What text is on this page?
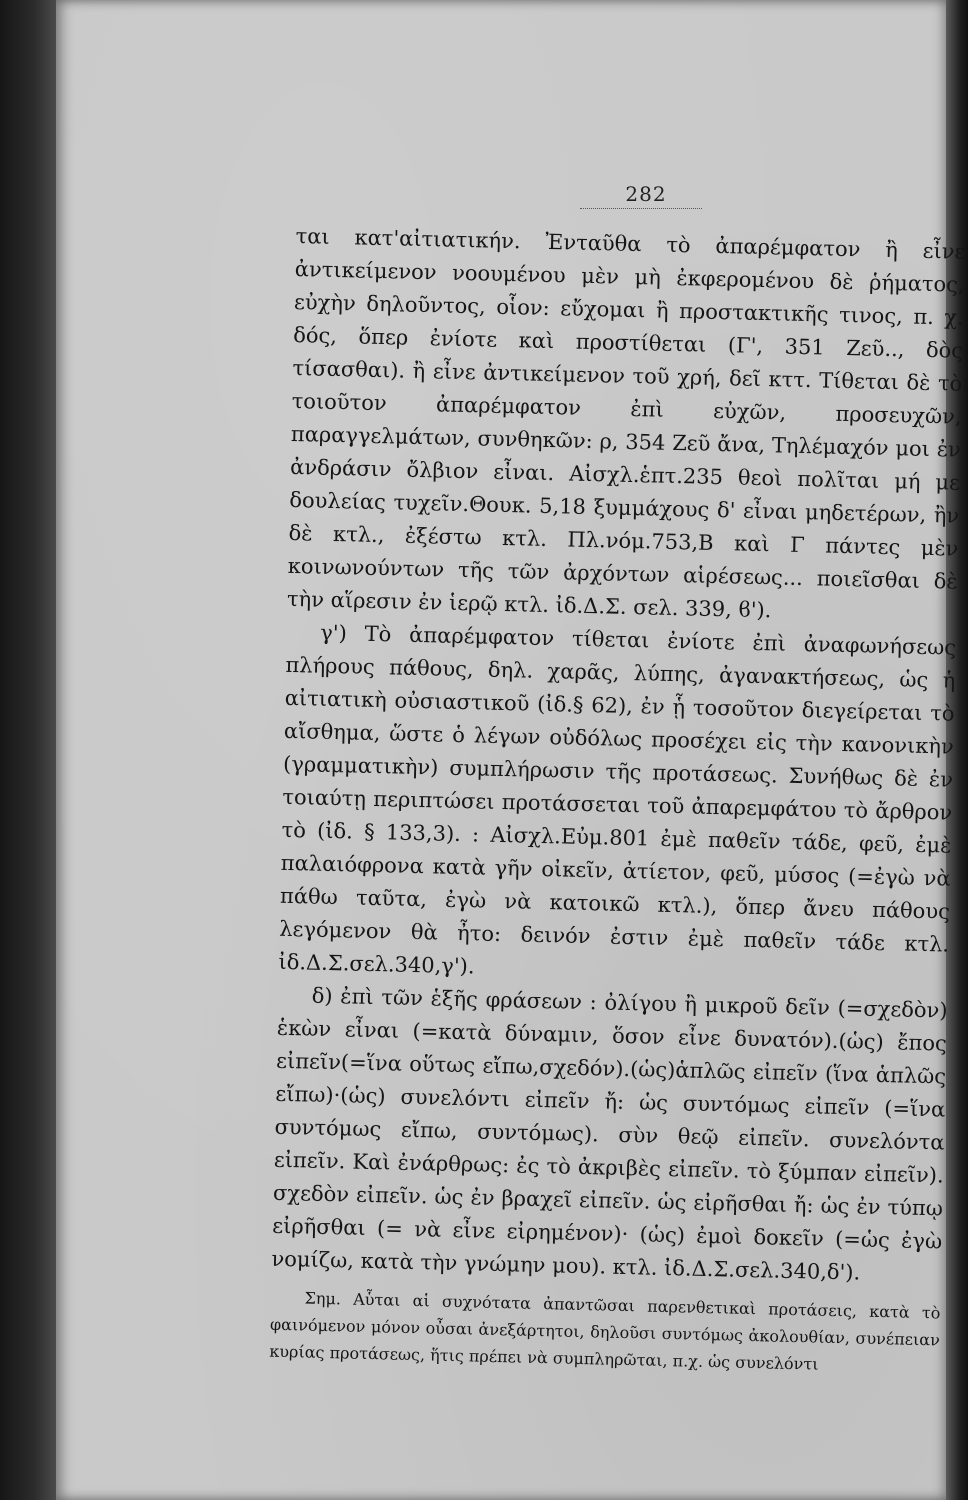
282

ται κατ'αἰτιατικήν. Ἐνταῦθα τὸ ἀπαρέμφατον ἢ εἶνε ἀντικείμενον νοουμένου μὲν μὴ ἐκφερομένου δὲ ῥήματος, εὐχὴν δηλοῦντος, οἷον: εὔχομαι ἢ προστακτικῆς τινος, π. χ. δός, ὅπερ ἐνίοτε καὶ προστίθεται (Γ', 351 Ζεῦ.., δὸς τίσασθαι). ἢ εἶνε ἀντικείμενον τοῦ χρή, δεῖ κττ. Τίθεται δὲ τὸ τοιοῦτον ἀπαρέμφατον ἐπὶ εὐχῶν, προσευχῶν, παραγγελμάτων, συνθηκῶν: ρ, 354 Ζεῦ ἄνα, Τηλέμαχόν μοι ἐν ἀνδράσιν ὄλβιον εἶναι. Αἰσχλ.ἑπτ.235 θεοὶ πολῖται μή με δουλείας τυχεῖν.Θουκ. 5,18 ξυμμάχους δ' εἶναι μηδετέρων, ἢν δὲ κτλ., ἐξέστω κτλ. Πλ.νόμ.753,Β καὶ Γ πάντες μὲν κοινωνούντων τῆς τῶν ἀρχόντων αἱρέσεως... ποιεῖσθαι δὲ τὴν αἵρεσιν ἐν ἱερῷ κτλ. ἰδ.Δ.Σ. σελ. 339, ϐ').

γ') Τὸ ἀπαρέμφατον τίθεται ἐνίοτε ἐπὶ ἀναφωνήσεως πλήρους πάθους, δηλ. χαρᾶς, λύπης, ἀγανακτήσεως, ὡς ἡ αἰτιατικὴ οὐσιαστικοῦ (ἰδ.§ 62), ἐν ᾗ τοσοῦτον διεγείρεται τὸ αἴσθημα, ὥστε ὁ λέγων οὐδόλως προσέχει εἰς τὴν κανονικὴν (γραμματικὴν) συμπλήρωσιν τῆς προτάσεως. Συνήθως δὲ ἐν τοιαύτῃ περιπτώσει προτάσσεται τοῦ ἀπαρεμφάτου τὸ ἄρθρον τὸ (ἰδ. § 133,3). : Αἰσχλ.Εὐμ.801 ἐμὲ παθεῖν τάδε, φεῦ, ἐμὲ παλαιόφρονα κατὰ γῆν οἰκεῖν, ἀτίετον, φεῦ, μύσος (=ἐγὼ νὰ πάθω ταῦτα, ἐγὼ νὰ κατοικῶ κτλ.), ὅπερ ἄνευ πάθους λεγόμενον θὰ ἦτο: δεινόν ἐστιν ἐμὲ παθεῖν τάδε κτλ. ἰδ.Δ.Σ.σελ.340,γ').

δ) ἐπὶ τῶν ἑξῆς φράσεων : ὀλίγου ἢ μικροῦ δεῖν (=σχεδὸν) ἑκὼν εἶναι (=κατὰ δύναμιν, ὅσον εἶνε δυνατόν).(ὡς) ἔπος εἰπεῖν(=ἵνα οὕτως εἴπω,σχεδόν).(ὡς)ἁπλῶς εἰπεῖν (ἵνα ἁπλῶς εἴπω)·(ὡς) συνελόντι εἰπεῖν ἤ: ὡς συντόμως εἰπεῖν (=ἵνα συντόμως εἴπω, συντόμως). σὺν θεῷ εἰπεῖν. συνελόντα εἰπεῖν. Καὶ ἐνάρθρως: ἐς τὸ ἀκριβὲς εἰπεῖν. τὸ ξύμπαν εἰπεῖν). σχεδὸν εἰπεῖν. ὡς ἐν βραχεῖ εἰπεῖν. ὡς εἰρῆσθαι ἤ: ὡς ἐν τύπῳ εἰρῆσθαι (= νὰ εἶνε εἰρημένον)· (ὡς) ἐμοὶ δοκεῖν (=ὡς ἐγὼ νομίζω, κατὰ τὴν γνώμην μου). κτλ. ἰδ.Δ.Σ.σελ.340,δ').

Σημ. Αὗται αἱ συχνότατα ἀπαντῶσαι παρενθετικαὶ προτάσεις, κατὰ τὸ φαινόμενον μόνον οὖσαι ἀνεξάρτητοι, δηλοῦσι συντόμως ἀκολουθίαν, συνέπειαν κυρίας προτάσεως, ἥτις πρέπει νὰ συμπληρῶται, π.χ. ὡς συνελόντι
